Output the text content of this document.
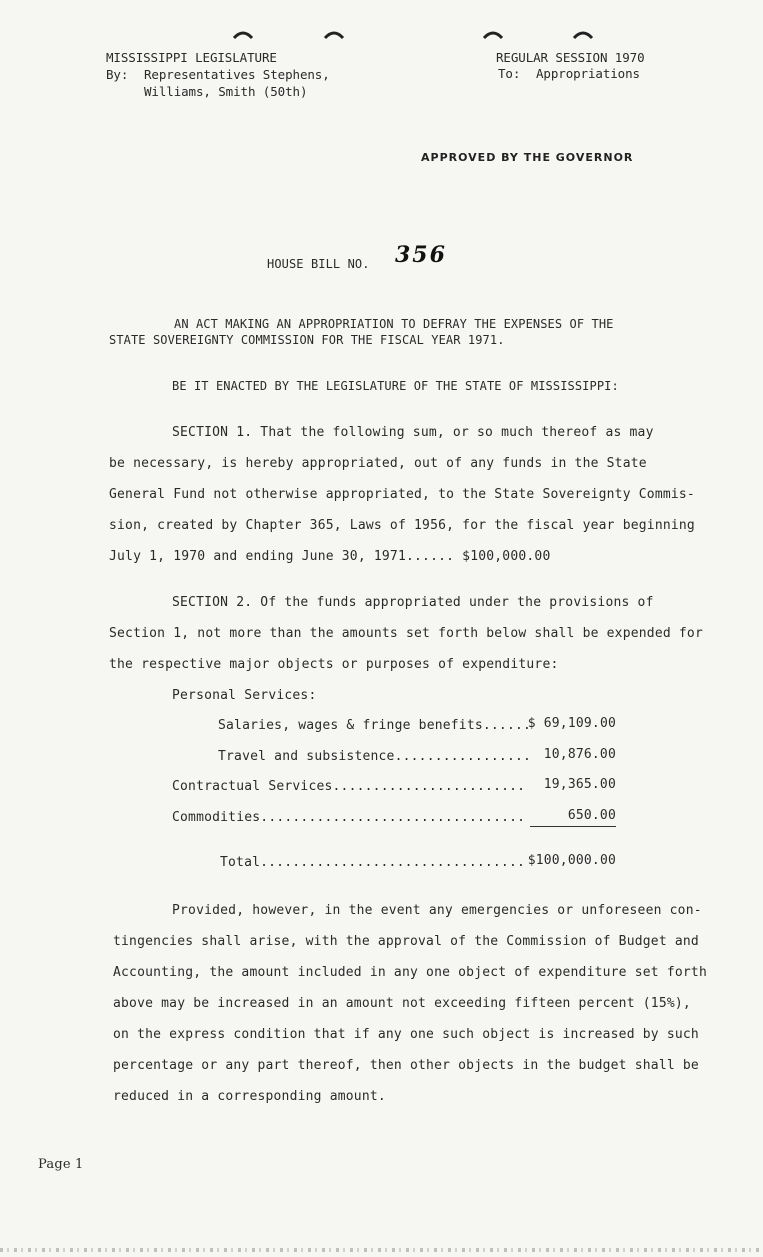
MISSISSIPPI LEGISLATURE
By: Representatives Stephens,
Williams, Smith (50th)
REGULAR SESSION 1970
To: Appropriations
APPROVED BY THE GOVERNOR
HOUSE BILL NO. 356
AN ACT MAKING AN APPROPRIATION TO DEFRAY THE EXPENSES OF THE
STATE SOVEREIGNTY COMMISSION FOR THE FISCAL YEAR 1971.
BE IT ENACTED BY THE LEGISLATURE OF THE STATE OF MISSISSIPPI:
SECTION 1. That the following sum, or so much thereof as may
be necessary, is hereby appropriated, out of any funds in the State
General Fund not otherwise appropriated, to the State Sovereignty Commis-
sion, created by Chapter 365, Laws of 1956, for the fiscal year beginning
July 1, 1970 and ending June 30, 1971...... $100,000.00
SECTION 2. Of the funds appropriated under the provisions of
Section 1, not more than the amounts set forth below shall be expended for
the respective major objects or purposes of expenditure:
Personal Services:
Salaries, wages & fringe benefits......
$ 69,109.00
Travel and subsistence................. 10,876.00
Contractual Services........................	19,365.00
Commodities.................................	650.00
Total................................. $100,000.00
Provided, however, in the event any emergencies or unforeseen con-
tingencies shall arise, with the approval of the Commission of Budget and
Accounting, the amount included in any one object of expenditure set forth
above may be increased in an amount not exceeding fifteen percent (15%),
on the express condition that if any one such object is increased by such
percentage or any part thereof, then other objects in the budget shall be
reduced in a corresponding amount.
Page 1
